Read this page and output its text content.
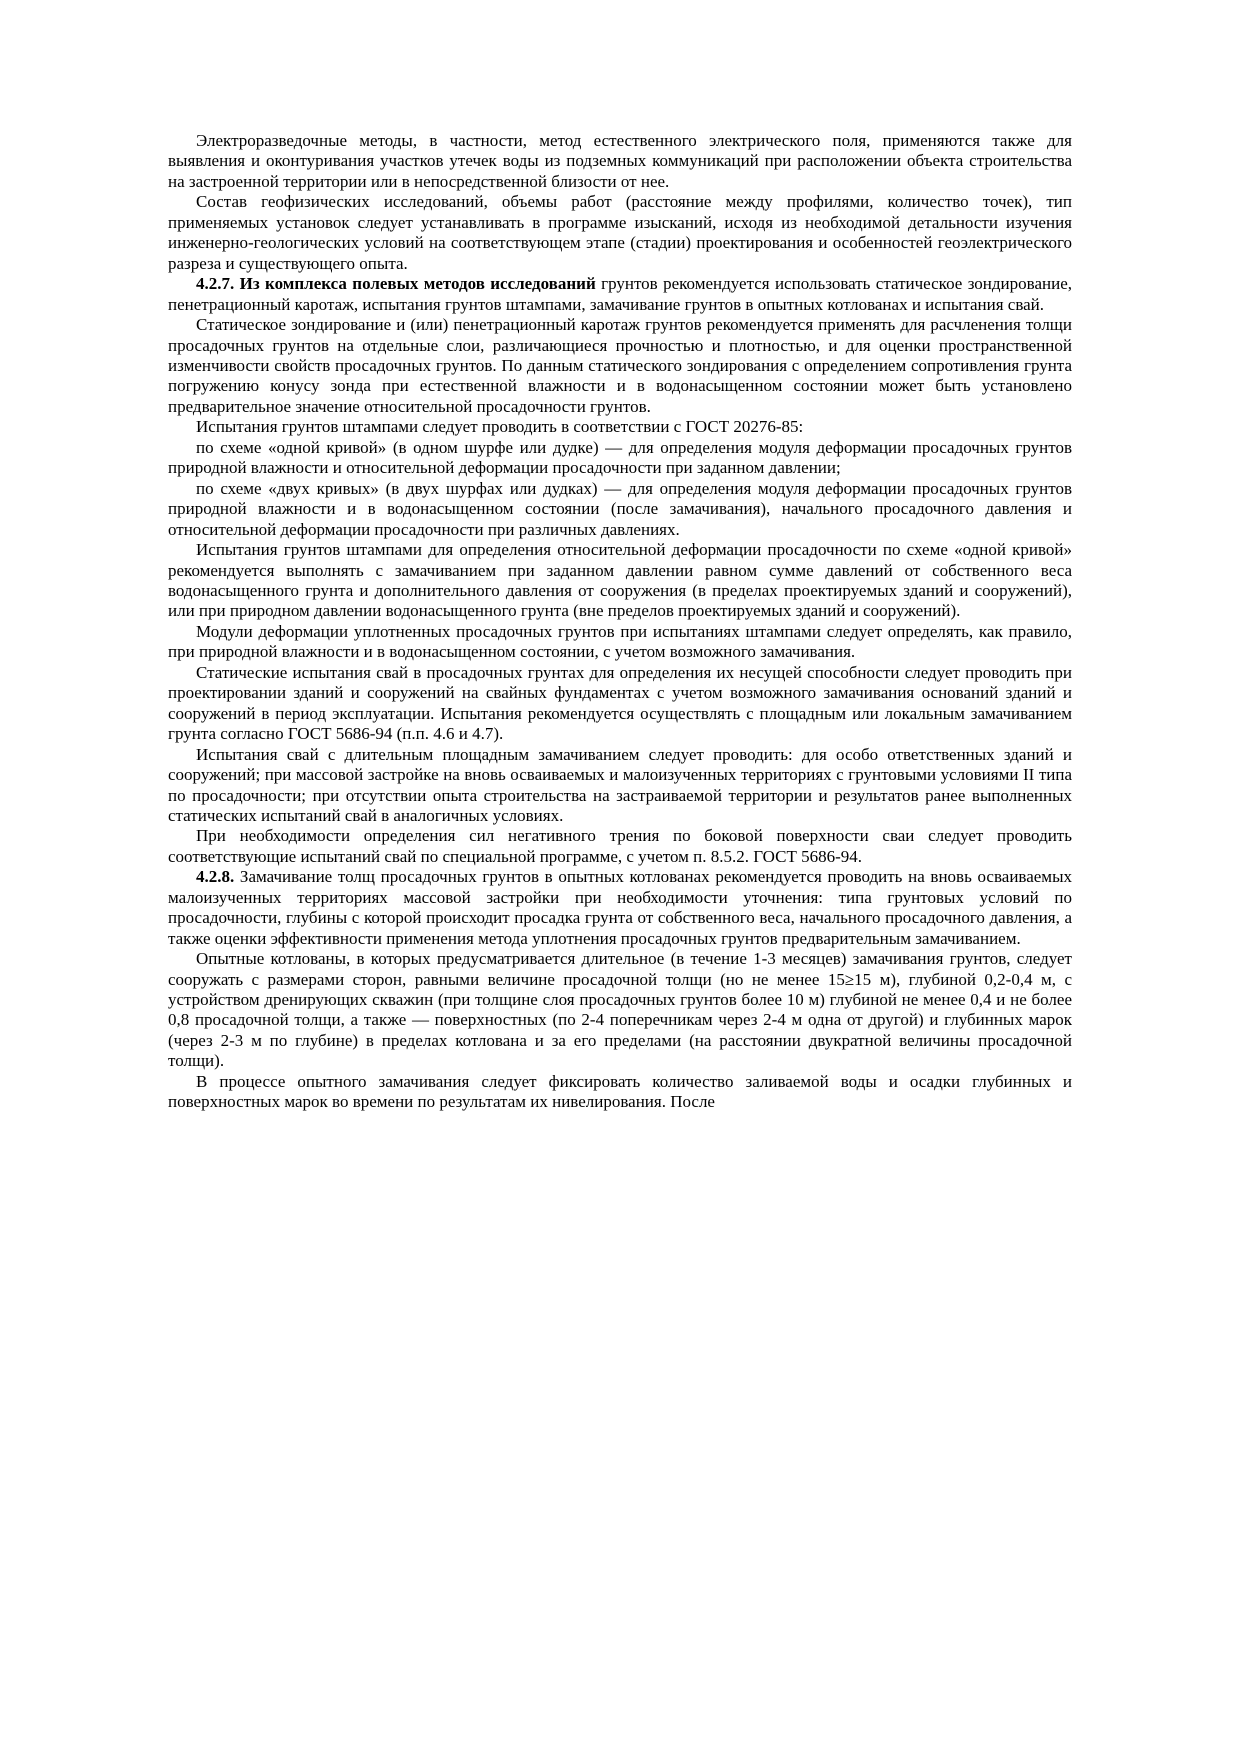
Электроразведочные методы, в частности, метод естественного электрического поля, применяются также для выявления и оконтуривания участков утечек воды из подземных коммуникаций при расположении объекта строительства на застроенной территории или в непосредственной близости от нее.

Состав геофизических исследований, объемы работ (расстояние между профилями, количество точек), тип применяемых установок следует устанавливать в программе изысканий, исходя из необходимой детальности изучения инженерно-геологических условий на соответствующем этапе (стадии) проектирования и особенностей геоэлектрического разреза и существующего опыта.

4.2.7. Из комплекса полевых методов исследований грунтов рекомендуется использовать статическое зондирование, пенетрационный каротаж, испытания грунтов штампами, замачивание грунтов в опытных котлованах и испытания свай.

Статическое зондирование и (или) пенетрационный каротаж грунтов рекомендуется применять для расчленения толщи просадочных грунтов на отдельные слои, различающиеся прочностью и плотностью, и для оценки пространственной изменчивости свойств просадочных грунтов. По данным статического зондирования с определением сопротивления грунта погружению конусу зонда при естественной влажности и в водонасыщенном состоянии может быть установлено предварительное значение относительной просадочности грунтов.

Испытания грунтов штампами следует проводить в соответствии с ГОСТ 20276-85:

по схеме «одной кривой» (в одном шурфе или дудке) — для определения модуля деформации просадочных грунтов природной влажности и относительной деформации просадочности при заданном давлении;

по схеме «двух кривых» (в двух шурфах или дудках) — для определения модуля деформации просадочных грунтов природной влажности и в водонасыщенном состоянии (после замачивания), начального просадочного давления и относительной деформации просадочности при различных давлениях.

Испытания грунтов штампами для определения относительной деформации просадочности по схеме «одной кривой» рекомендуется выполнять с замачиванием при заданном давлении равном сумме давлений от собственного веса водонасыщенного грунта и дополнительного давления от сооружения (в пределах проектируемых зданий и сооружений), или при природном давлении водонасыщенного грунта (вне пределов проектируемых зданий и сооружений).

Модули деформации уплотненных просадочных грунтов при испытаниях штампами следует определять, как правило, при природной влажности и в водонасыщенном состоянии, с учетом возможного замачивания.

Статические испытания свай в просадочных грунтах для определения их несущей способности следует проводить при проектировании зданий и сооружений на свайных фундаментах с учетом возможного замачивания оснований зданий и сооружений в период эксплуатации. Испытания рекомендуется осуществлять с площадным или локальным замачиванием грунта согласно ГОСТ 5686-94 (п.п. 4.6 и 4.7).

Испытания свай с длительным площадным замачиванием следует проводить: для особо ответственных зданий и сооружений; при массовой застройке на вновь осваиваемых и малоизученных территориях с грунтовыми условиями II типа по просадочности; при отсутствии опыта строительства на застраиваемой территории и результатов ранее выполненных статических испытаний свай в аналогичных условиях.

При необходимости определения сил негативного трения по боковой поверхности сваи следует проводить соответствующие испытаний свай по специальной программе, с учетом п. 8.5.2. ГОСТ 5686-94.

4.2.8. Замачивание толщ просадочных грунтов в опытных котлованах рекомендуется проводить на вновь осваиваемых малоизученных территориях массовой застройки при необходимости уточнения: типа грунтовых условий по просадочности, глубины с которой происходит просадка грунта от собственного веса, начального просадочного давления, а также оценки эффективности применения метода уплотнения просадочных грунтов предварительным замачиванием.

Опытные котлованы, в которых предусматривается длительное (в течение 1-3 месяцев) замачивания грунтов, следует сооружать с размерами сторон, равными величине просадочной толщи (но не менее 15≥15 м), глубиной 0,2-0,4 м, с устройством дренирующих скважин (при толщине слоя просадочных грунтов более 10 м) глубиной не менее 0,4 и не более 0,8 просадочной толщи, а также — поверхностных (по 2-4 поперечникам через 2-4 м одна от другой) и глубинных марок (через 2-3 м по глубине) в пределах котлована и за его пределами (на расстоянии двукратной величины просадочной толщи).

В процессе опытного замачивания следует фиксировать количество заливаемой воды и осадки глубинных и поверхностных марок во времени по результатам их нивелирования. После
